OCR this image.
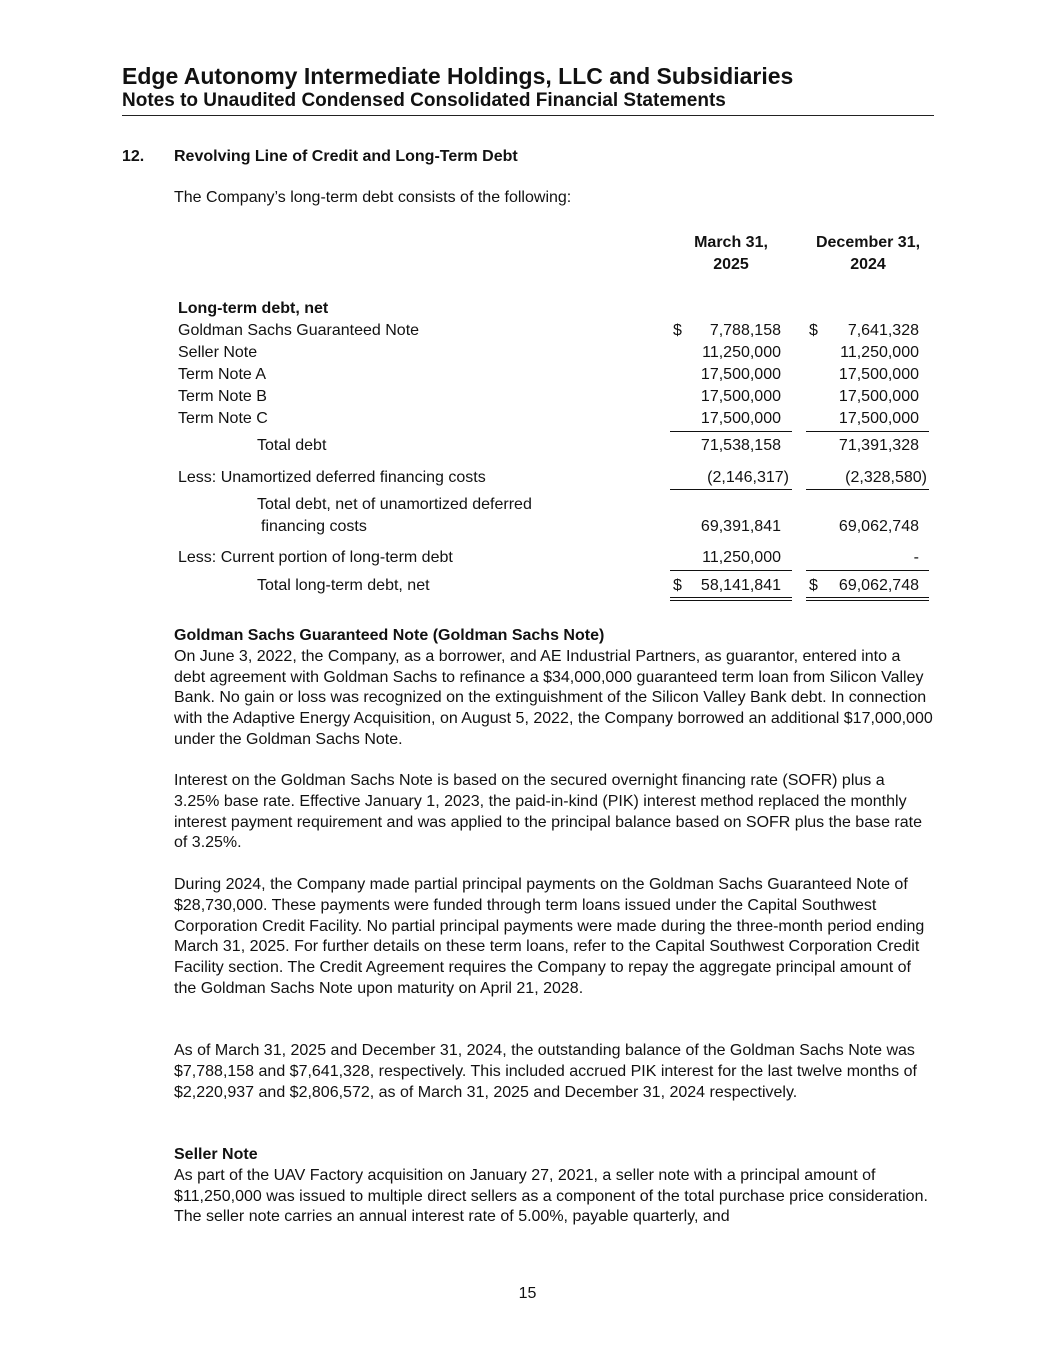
Edge Autonomy Intermediate Holdings, LLC and Subsidiaries
Notes to Unaudited Condensed Consolidated Financial Statements
12. Revolving Line of Credit and Long-Term Debt
The Company’s long-term debt consists of the following:
March 31,
2025
December 31,
2024
Long-term debt, net
Goldman Sachs Guaranteed Note	$	7,788,158 $	7,641,328
Seller Note	11,250,000	11,250,000
Term Note A	17,500,000	17,500,000
Term Note B	17,500,000	17,500,000
Term Note C	17,500,000	17,500,000
Total debt	71,538,158	71,391,328
Less: Unamortized deferred financing costs	(2,146,317)	(2,328,580)
Total debt, net of unamortized deferred
financing costs	69,391,841	69,062,748
Less: Current portion of long-term debt	11,250,000	-
Total long-term debt, net	$	58,141,841 $	69,062,748
Goldman Sachs Guaranteed Note (Goldman Sachs Note)
On June 3, 2022, the Company, as a borrower, and AE Industrial Partners, as guarantor, entered into a debt agreement with Goldman Sachs to refinance a $34,000,000 guaranteed term loan from Silicon Valley Bank. No gain or loss was recognized on the extinguishment of the Silicon Valley Bank debt. In connection with the Adaptive Energy Acquisition, on August 5, 2022, the Company borrowed an additional $17,000,000 under the Goldman Sachs Note.
Interest on the Goldman Sachs Note is based on the secured overnight financing rate (SOFR) plus a 3.25% base rate. Effective January 1, 2023, the paid-in-kind (PIK) interest method replaced the monthly interest payment requirement and was applied to the principal balance based on SOFR plus the base rate of 3.25%.
During 2024, the Company made partial principal payments on the Goldman Sachs Guaranteed Note of $28,730,000. These payments were funded through term loans issued under the Capital Southwest Corporation Credit Facility. No partial principal payments were made during the three-month period ending March 31, 2025. For further details on these term loans, refer to the Capital Southwest Corporation Credit Facility section. The Credit Agreement requires the Company to repay the aggregate principal amount of the Goldman Sachs Note upon maturity on April 21, 2028.
As of March 31, 2025 and December 31, 2024, the outstanding balance of the Goldman Sachs Note was $7,788,158 and $7,641,328, respectively. This included accrued PIK interest for the last twelve months of $2,220,937 and $2,806,572, as of March 31, 2025 and December 31, 2024 respectively.
Seller Note
As part of the UAV Factory acquisition on January 27, 2021, a seller note with a principal amount of $11,250,000 was issued to multiple direct sellers as a component of the total purchase price consideration. The seller note carries an annual interest rate of 5.00%, payable quarterly, and
15
